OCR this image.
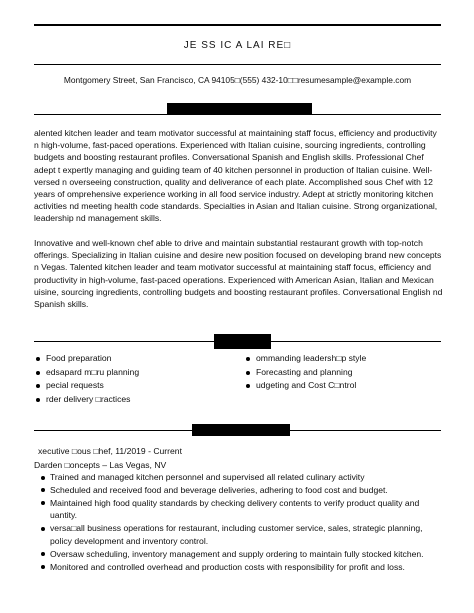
JE SS IC A LAI RE□
Montgomery Street, San Francisco, CA 94105□(555) 432-10□□resumesample@example.com

alented kitchen leader and team motivator successful at maintaining staff focus, efficiency and productivity n high-volume, fast-paced operations. Experienced with Italian cuisine, sourcing ingredients, controlling budgets and boosting restaurant profiles. Conversational Spanish and English skills. Professional Chef adept t expertly managing and guiding team of 40 kitchen personnel in production of Italian cuisine. Well-versed n overseeing construction, quality and deliverance of each plate. Accomplished sous Chef with 12 years of omprehensive experience working in all food service industry. Adept at strictly monitoring kitchen activities nd meeting health code standards. Specialties in Asian and Italian cuisine. Strong organizational, leadership nd management skills.

Innovative and well-known chef able to drive and maintain substantial restaurant growth with top-notch offerings. Specializing in Italian cuisine and desire new position focused on developing brand new concepts n Vegas. Talented kitchen leader and team motivator successful at maintaining staff focus, efficiency and productivity in high-volume, fast-paced operations. Experienced with American Asian, Italian and Mexican uisine, sourcing ingredients, controlling budgets and boosting restaurant profiles. Conversational English nd Spanish skills.

Food preparation
edsapard m□ru planning
pecial requests
rder delivery □ractices
ommanding leadersh□p style
Forecasting and planning
udgeting and Cost C□ntrol
xecutive □ous □hef, 11/2019 - Current
Darden □oncepts – Las Vegas, NV
Trained and managed kitchen personnel and supervised all related culinary activity
Scheduled and received food and beverage deliveries, adhering to food cost and budget.
Maintained high food quality standards by checking delivery contents to verify product quality and uantity.
versa□all business operations for restaurant, including customer service, sales, strategic planning, policy development and inventory control.
Oversaw scheduling, inventory management and supply ordering to maintain fully stocked kitchen.
Monitored and controlled overhead and production costs with responsibility for profit and loss.
